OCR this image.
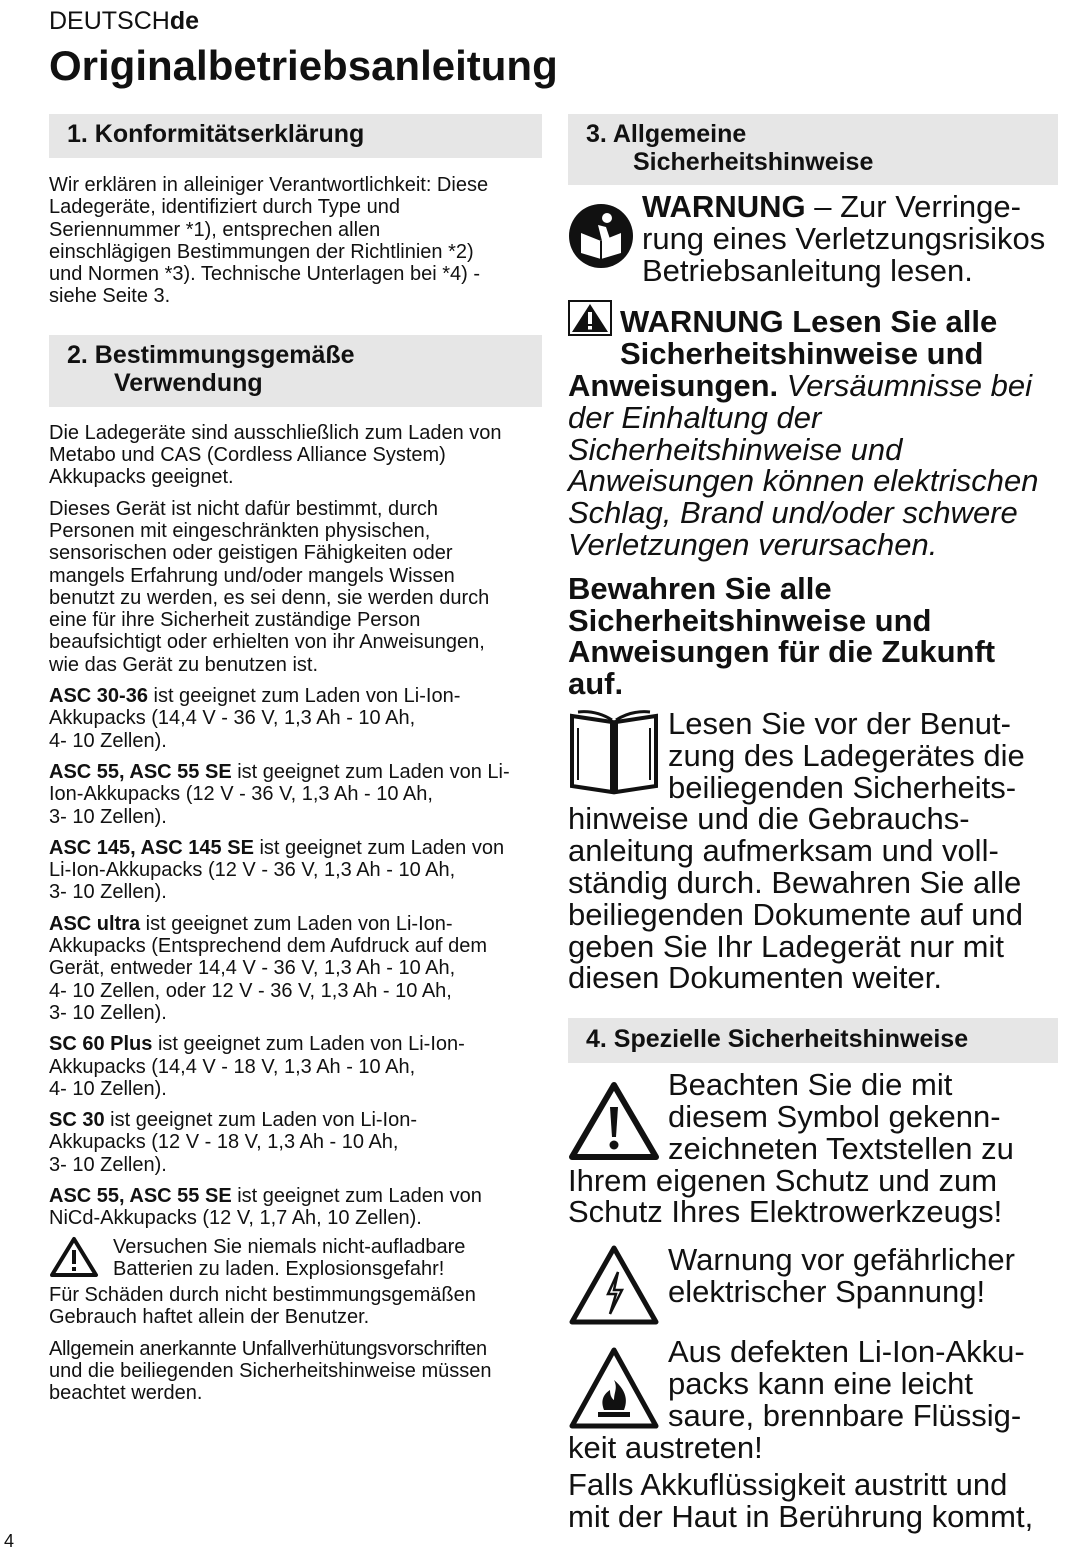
DEUTSCHde
Originalbetriebsanleitung
1. Konformitätserklärung
Wir erklären in alleiniger Verantwortlichkeit: Diese
Ladegeräte, identifiziert durch Type und
Seriennummer *1), entsprechen allen
einschlägigen Bestimmungen der Richtlinien *2)
und Normen *3). Technische Unterlagen bei *4) -
siehe Seite 3.
2. Bestimmungsgemäße
Verwendung
Die Ladegeräte sind ausschließlich zum Laden von
Metabo und CAS (Cordless Alliance System)
Akkupacks geeignet.
Dieses Gerät ist nicht dafür bestimmt, durch
Personen mit eingeschränkten physischen,
sensorischen oder geistigen Fähigkeiten oder
mangels Erfahrung und/oder mangels Wissen
benutzt zu werden, es sei denn, sie werden durch
eine für ihre Sicherheit zuständige Person
beaufsichtigt oder erhielten von ihr Anweisungen,
wie das Gerät zu benutzen ist.
ASC 30-36 ist geeignet zum Laden von Li-Ion-
Akkupacks (14,4 V - 36 V, 1,3 Ah - 10 Ah,
4- 10 Zellen).
ASC 55, ASC 55 SE ist geeignet zum Laden von Li-
Ion-Akkupacks (12 V - 36 V, 1,3 Ah - 10 Ah,
3- 10 Zellen).
ASC 145, ASC 145 SE ist geeignet zum Laden von
Li-Ion-Akkupacks (12 V - 36 V, 1,3 Ah - 10 Ah,
3- 10 Zellen).
ASC ultra ist geeignet zum Laden von Li-Ion-
Akkupacks (Entsprechend dem Aufdruck auf dem
Gerät, entweder 14,4 V - 36 V, 1,3 Ah - 10 Ah,
4- 10 Zellen, oder 12 V - 36 V, 1,3 Ah - 10 Ah,
3- 10 Zellen).
SC 60 Plus ist geeignet zum Laden von Li-Ion-
Akkupacks (14,4 V - 18 V, 1,3 Ah - 10 Ah,
4- 10 Zellen).
SC 30 ist geeignet zum Laden von Li-Ion-
Akkupacks (12 V - 18 V, 1,3 Ah - 10 Ah,
3- 10 Zellen).
ASC 55, ASC 55 SE ist geeignet zum Laden von
NiCd-Akkupacks (12 V, 1,7 Ah, 10 Zellen).
Versuchen Sie niemals nicht-aufladbare
Batterien zu laden. Explosionsgefahr!
Für Schäden durch nicht bestimmungsgemäßen
Gebrauch haftet allein der Benutzer.
Allgemein anerkannte Unfallverhütungsvorschriften
und die beiliegenden Sicherheitshinweise müssen
beachtet werden.
3. Allgemeine
Sicherheitshinweise
WARNUNG – Zur Verringe-
rung eines Verletzungsrisikos
Betriebsanleitung lesen.
WARNUNG Lesen Sie alle
Sicherheitshinweise und
Anweisungen. Versäumnisse bei
der Einhaltung der
Sicherheitshinweise und
Anweisungen können elektrischen
Schlag, Brand und/oder schwere
Verletzungen verursachen.
Bewahren Sie alle
Sicherheitshinweise und
Anweisungen für die Zukunft
auf.
Lesen Sie vor der Benut-
zung des Ladegerätes die
beiliegenden Sicherheits-
hinweise und die Gebrauchs-
anleitung aufmerksam und voll-
ständig durch. Bewahren Sie alle
beiliegenden Dokumente auf und
geben Sie Ihr Ladegerät nur mit
diesen Dokumenten weiter.
4. Spezielle Sicherheitshinweise
Beachten Sie die mit
diesem Symbol gekenn-
zeichneten Textstellen zu
Ihrem eigenen Schutz und zum
Schutz Ihres Elektrowerkzeugs!
Warnung vor gefährlicher
elektrischer Spannung!
Aus defekten Li-Ion-Akku-
packs kann eine leicht
saure, brennbare Flüssig-
keit austreten!
Falls Akkuflüssigkeit austritt und
mit der Haut in Berührung kommt,
4
